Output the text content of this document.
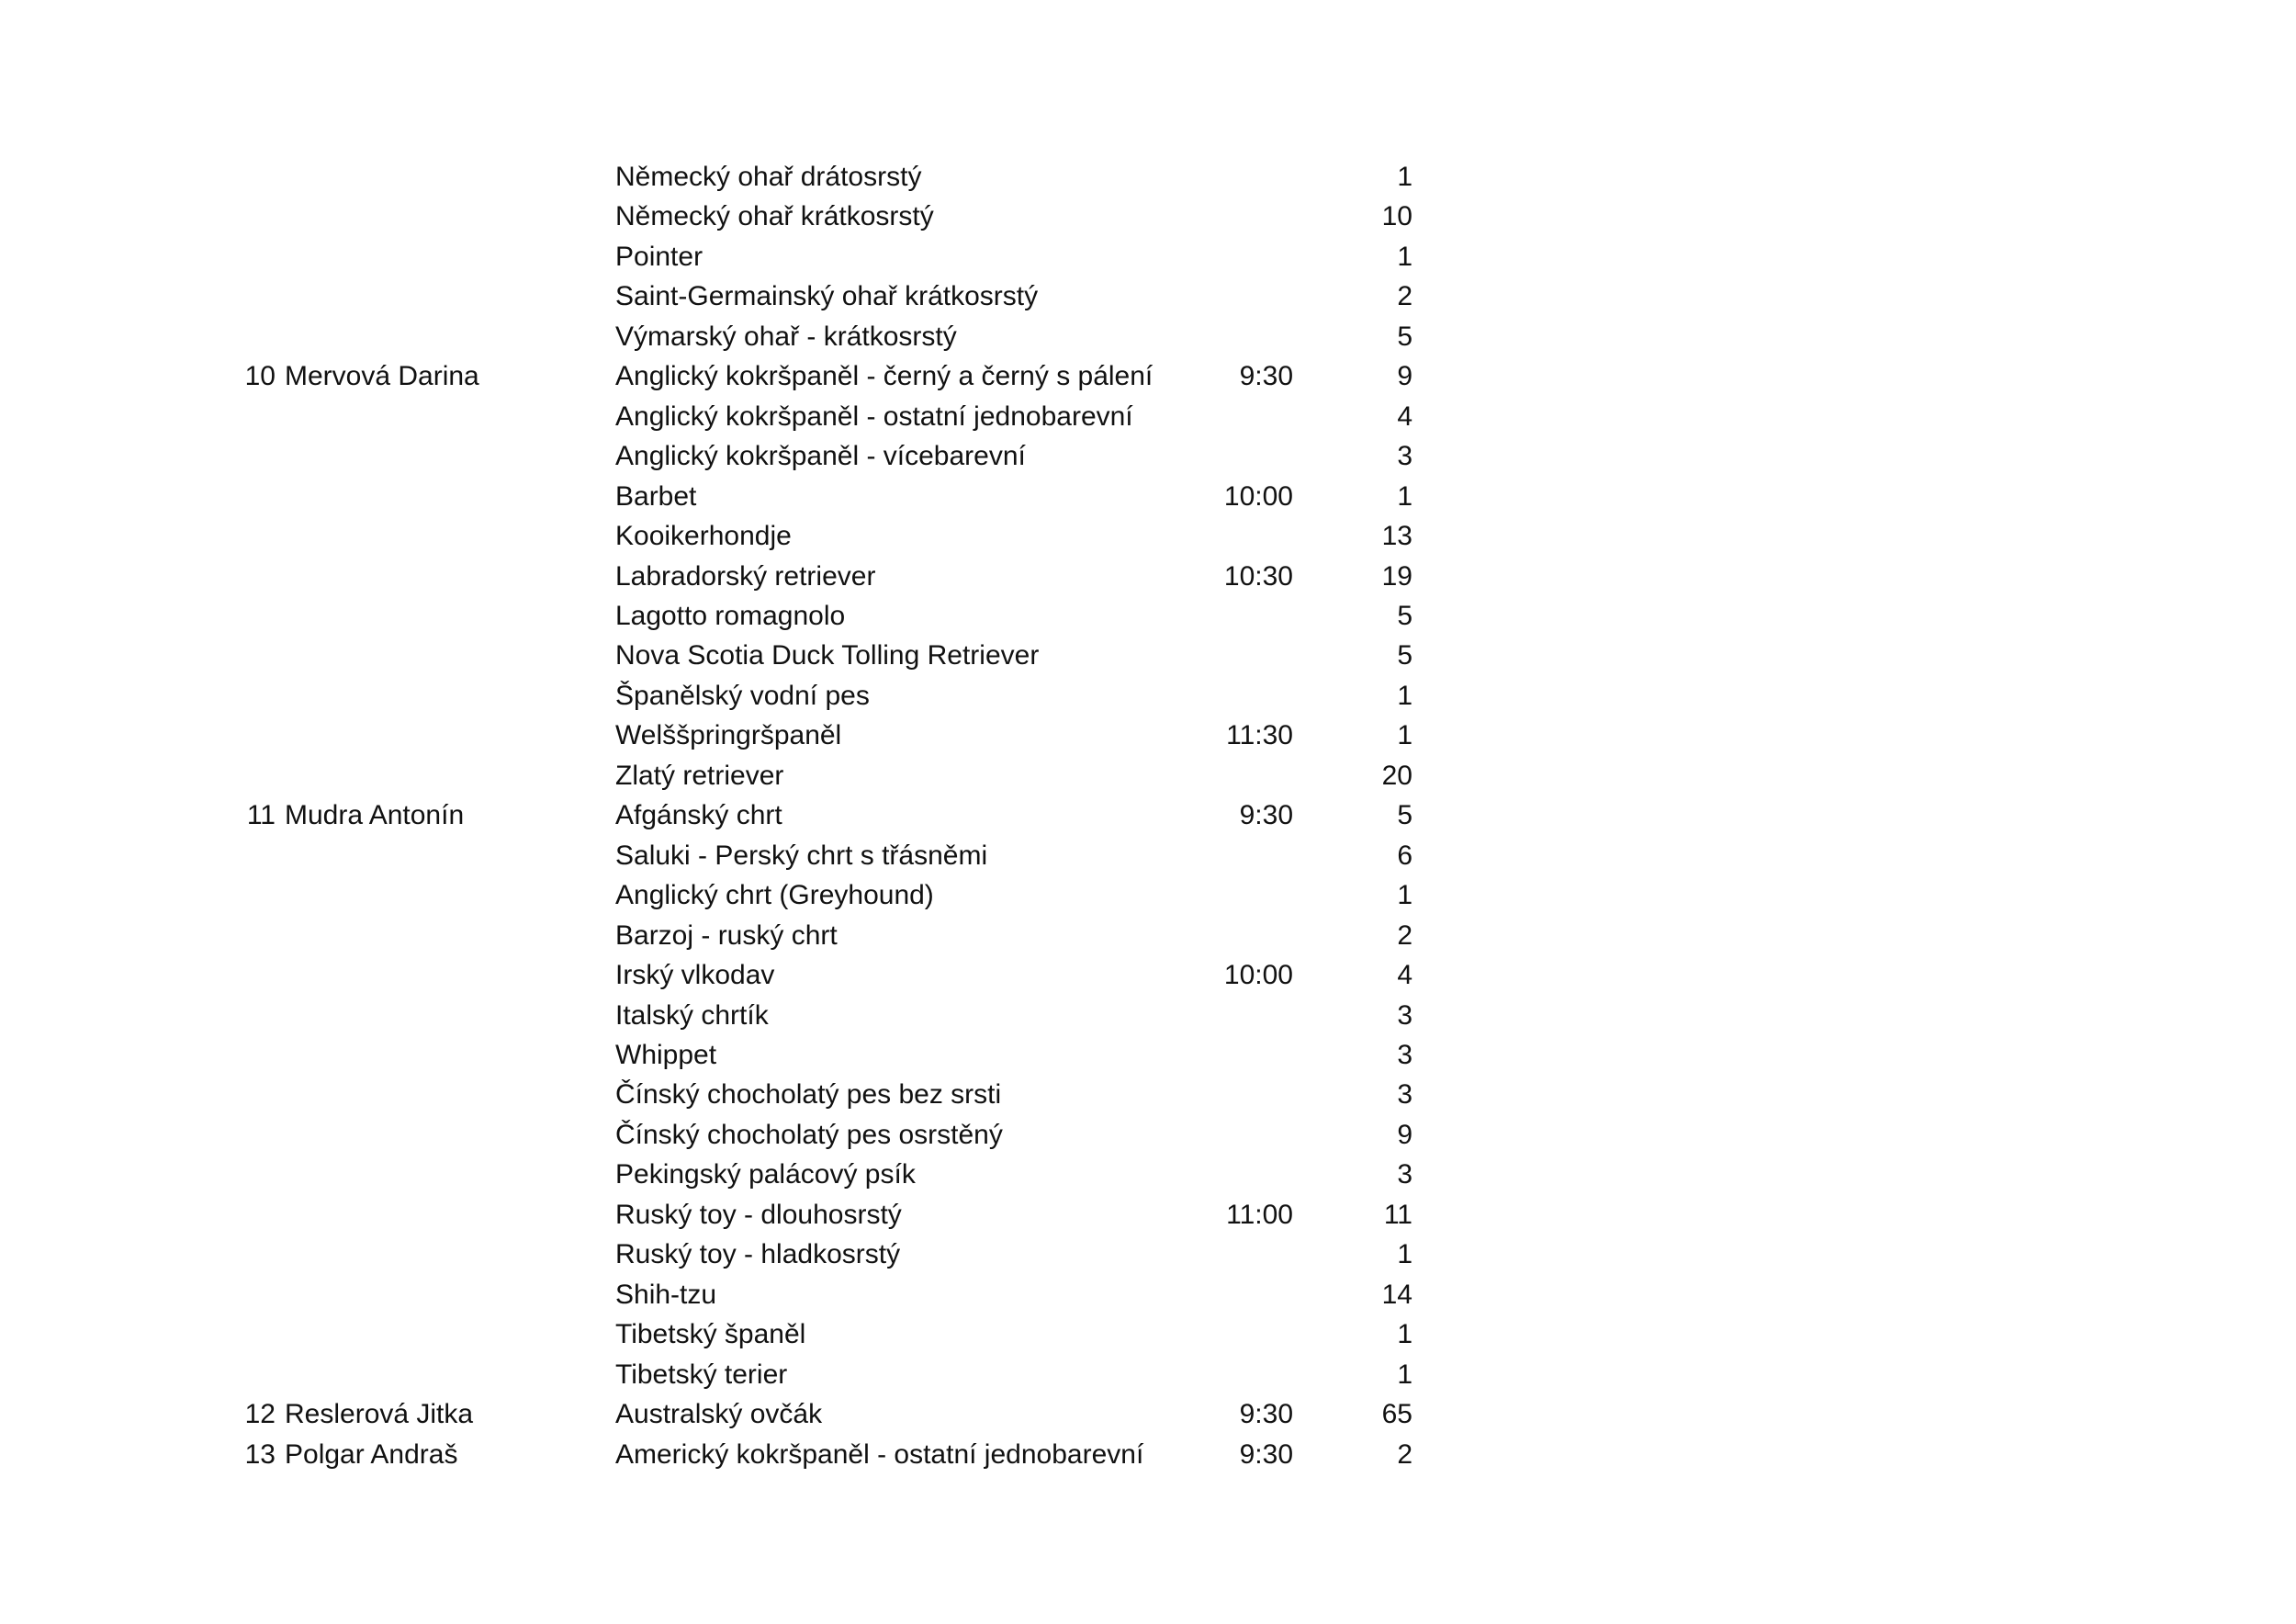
		Německý ohař drátosrstý		1
		Německý ohař krátkosrstý		10
		Pointer		1
		Saint-Germainský ohař krátkosrstý		2
		Výmarský ohař - krátkosrstý		5
10	Mervová Darina	Anglický kokršpaněl - černý a černý s pálení	9:30	9
		Anglický kokršpaněl - ostatní jednobarevní		4
		Anglický kokršpaněl - vícebarevní		3
		Barbet	10:00	1
		Kooikerhondje		13
		Labradorský retriever	10:30	19
		Lagotto romagnolo		5
		Nova Scotia Duck Tolling Retriever		5
		Španělský vodní pes		1
		Welššpringršpaněl	11:30	1
		Zlatý retriever		20
11	Mudra Antonín	Afgánský chrt	9:30	5
		Saluki - Perský chrt s třásněmi		6
		Anglický chrt (Greyhound)		1
		Barzoj - ruský chrt		2
		Irský vlkodav	10:00	4
		Italský chrtík		3
		Whippet		3
		Čínský chocholatý pes bez srsti		3
		Čínský chocholatý pes osrstěný		9
		Pekingský palácový psík		3
		Ruský toy - dlouhosrstý	11:00	11
		Ruský toy - hladkosrstý		1
		Shih-tzu		14
		Tibetský španěl		1
		Tibetský terier		1
12	Reslerová Jitka	Australský ovčák	9:30	65
13	Polgar Andraš	Americký kokršpaněl - ostatní jednobarevní	9:30	2
